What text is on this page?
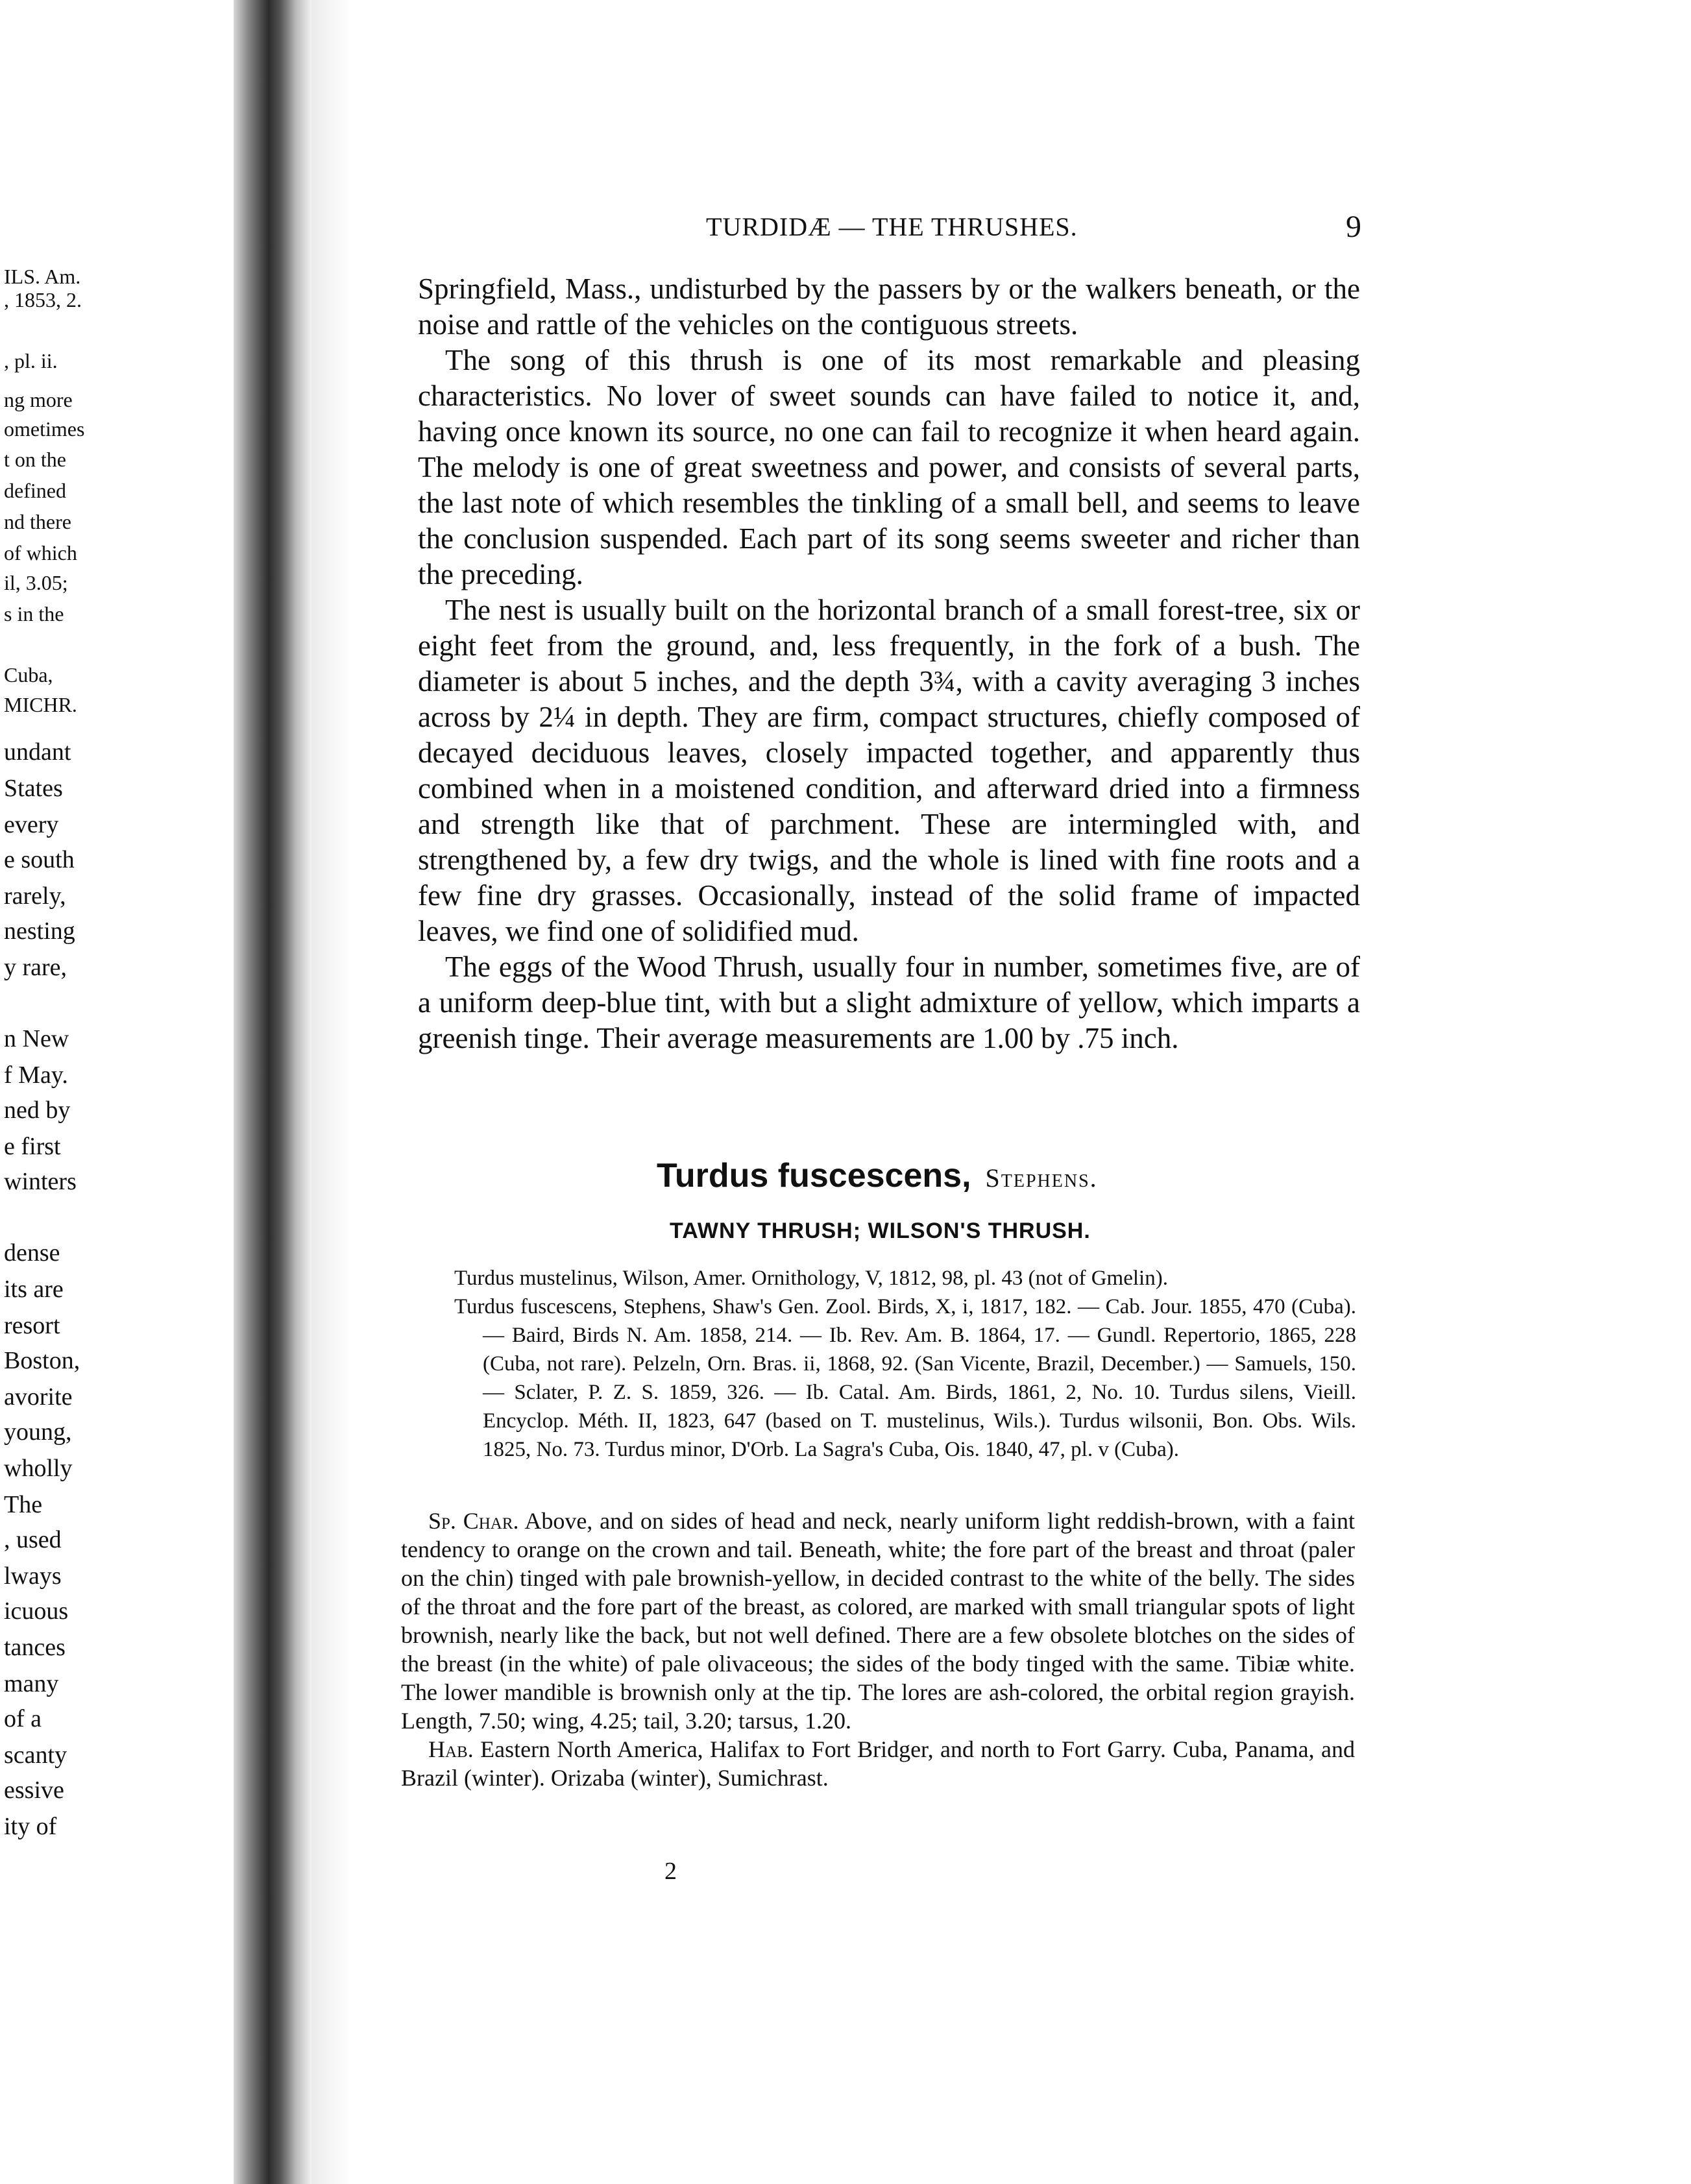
ILS. Am.
, 1853, 2.
, pl. ii.
ng more
ometimes
t on the
defined
nd there
of which
il, 3.05;
s in the
Cuba,
MICHR.
undant
States
every
e south
rarely,
nesting
y rare,
n New
f May.
ned by
e first
winters
dense
its are
resort
Boston,
avorite
young,
wholly
The
, used
lways
icuous
tances
many
of a
scanty
essive
ity of
TURDIDÆ — THE THRUSHES.	9

Springfield, Mass., undisturbed by the passers by or the walkers beneath, or the noise and rattle of the vehicles on the contiguous streets.

The song of this thrush is one of its most remarkable and pleasing characteristics. No lover of sweet sounds can have failed to notice it, and, having once known its source, no one can fail to recognize it when heard again. The melody is one of great sweetness and power, and consists of several parts, the last note of which resembles the tinkling of a small bell, and seems to leave the conclusion suspended. Each part of its song seems sweeter and richer than the preceding.

The nest is usually built on the horizontal branch of a small forest-tree, six or eight feet from the ground, and, less frequently, in the fork of a bush. The diameter is about 5 inches, and the depth 3¾, with a cavity averaging 3 inches across by 2¼ in depth. They are firm, compact structures, chiefly composed of decayed deciduous leaves, closely impacted together, and apparently thus combined when in a moistened condition, and afterward dried into a firmness and strength like that of parchment. These are intermingled with, and strengthened by, a few dry twigs, and the whole is lined with fine roots and a few fine dry grasses. Occasionally, instead of the solid frame of impacted leaves, we find one of solidified mud.

The eggs of the Wood Thrush, usually four in number, sometimes five, are of a uniform deep-blue tint, with but a slight admixture of yellow, which imparts a greenish tinge. Their average measurements are 1.00 by .75 inch.

Turdus fuscescens, Stephens.
TAWNY THRUSH; WILSON'S THRUSH.

Turdus mustelinus, Wilson, Amer. Ornithology, V, 1812, 98, pl. 43 (not of Gmelin).

Turdus fuscescens, Stephens, Shaw's Gen. Zool. Birds, X, i, 1817, 182. — Cab. Jour. 1855, 470 (Cuba). — Baird, Birds N. Am. 1858, 214. — Ib. Rev. Am. B. 1864, 17. — Gundl. Repertorio, 1865, 228 (Cuba, not rare). Pelzeln, Orn. Bras. ii, 1868, 92. (San Vicente, Brazil, December.) — Samuels, 150. — Sclater, P. Z. S. 1859, 326. — Ib. Catal. Am. Birds, 1861, 2, No. 10. Turdus silens, Vieill. Encyclop. Méth. II, 1823, 647 (based on T. mustelinus, Wils.). Turdus wilsonii, Bon. Obs. Wils. 1825, No. 73. Turdus minor, D'Orb. La Sagra's Cuba, Ois. 1840, 47, pl. v (Cuba).

Sp. Char. Above, and on sides of head and neck, nearly uniform light reddish-brown, with a faint tendency to orange on the crown and tail. Beneath, white; the fore part of the breast and throat (paler on the chin) tinged with pale brownish-yellow, in decided contrast to the white of the belly. The sides of the throat and the fore part of the breast, as colored, are marked with small triangular spots of light brownish, nearly like the back, but not well defined. There are a few obsolete blotches on the sides of the breast (in the white) of pale olivaceous; the sides of the body tinged with the same. Tibiæ white. The lower mandible is brownish only at the tip. The lores are ash-colored, the orbital region grayish. Length, 7.50; wing, 4.25; tail, 3.20; tarsus, 1.20.

Hab. Eastern North America, Halifax to Fort Bridger, and north to Fort Garry. Cuba, Panama, and Brazil (winter). Orizaba (winter), Sumichrast.

2
